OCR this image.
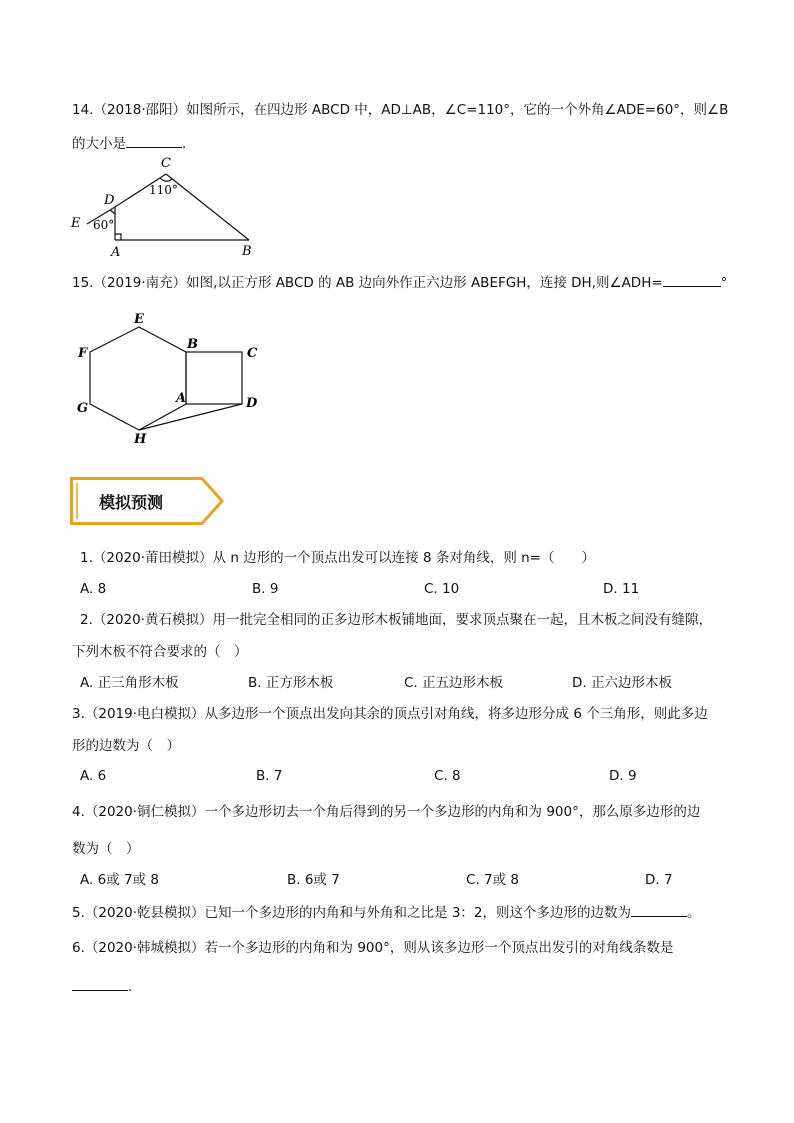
14.（2018·邵阳）如图所示，在四边形 ABCD 中，AD⊥AB，∠C=110°，它的一个外角∠ADE=60°，则∠B
的大小是	．
C
110°
D
60°
E
A	B
15.（2019·南充）如图,以正方形 ABCD 的 AB 边向外作正六边形 ABEFGH，连接 DH,则∠ADH=	°
E
F
G
H
A
B
C
D
模拟预测
1.（2020·莆田模拟）从 n 边形的一个顶点出发可以连接 8 条对角线，则 n=（　　）
A. 8	B. 9	C. 10	D. 11
2.（2020·黄石模拟）用一批完全相同的正多边形木板铺地面，要求顶点聚在一起，且木板之间没有缝隙，
下列木板不符合要求的（　）
A. 正三角形木板	B. 正方形木板	C. 正五边形木板	D. 正六边形木板
3.（2019·电白模拟）从多边形一个顶点出发向其余的顶点引对角线，将多边形分成 6 个三角形，则此多边
形的边数为（　）
A. 6	B. 7	C. 8	D. 9
4.（2020·铜仁模拟）一个多边形切去一个角后得到的另一个多边形的内角和为 900°，那么原多边形的边
数为（　）
A. 6或 7或 8	B. 6或 7	C. 7或 8	D. 7
5.（2020·乾县模拟）已知一个多边形的内角和与外角和之比是 3：2，则这个多边形的边数为	。
6.（2020·韩城模拟）若一个多边形的内角和为 900°，则从该多边形一个顶点出发引的对角线条数是
.
